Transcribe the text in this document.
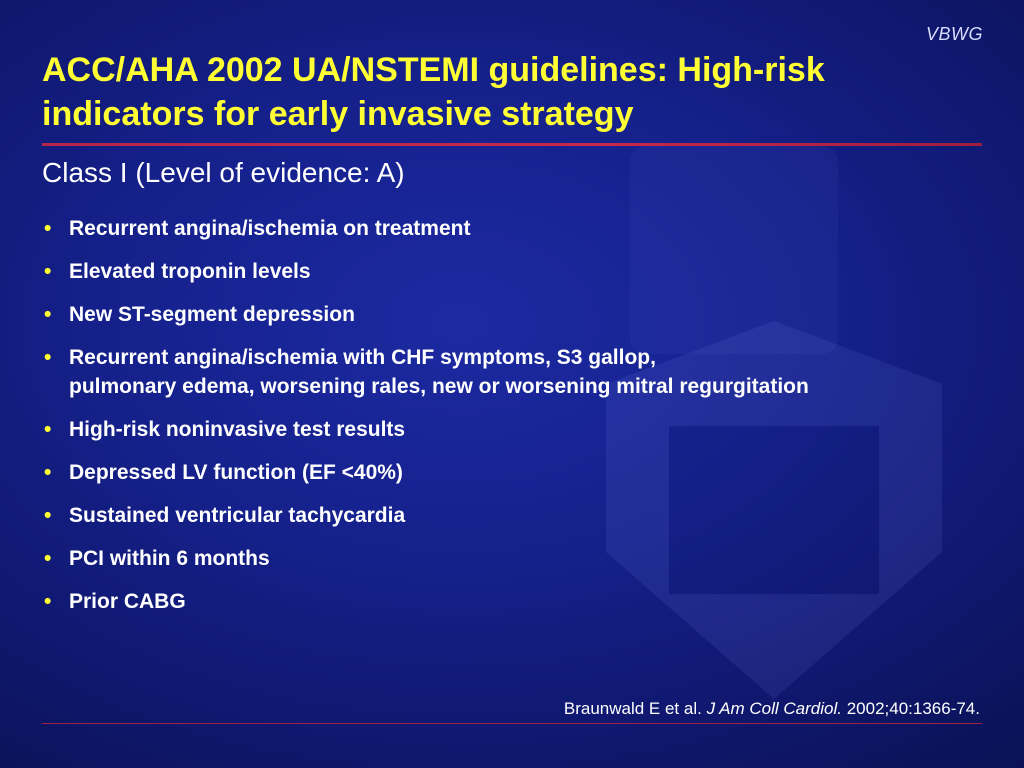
VBWG
ACC/AHA 2002 UA/NSTEMI guidelines: High-risk indicators for early invasive strategy
Class I (Level of evidence: A)
• Recurrent angina/ischemia on treatment
• Elevated troponin levels
• New ST-segment depression
• Recurrent angina/ischemia with CHF symptoms, S3 gallop,
pulmonary edema, worsening rales, new or worsening mitral regurgitation
• High-risk noninvasive test results
• Depressed LV function (EF <40%)
• Sustained ventricular tachycardia
• PCI within 6 months
• Prior CABG
Braunwald E et al. J Am Coll Cardiol. 2002;40:1366-74.
